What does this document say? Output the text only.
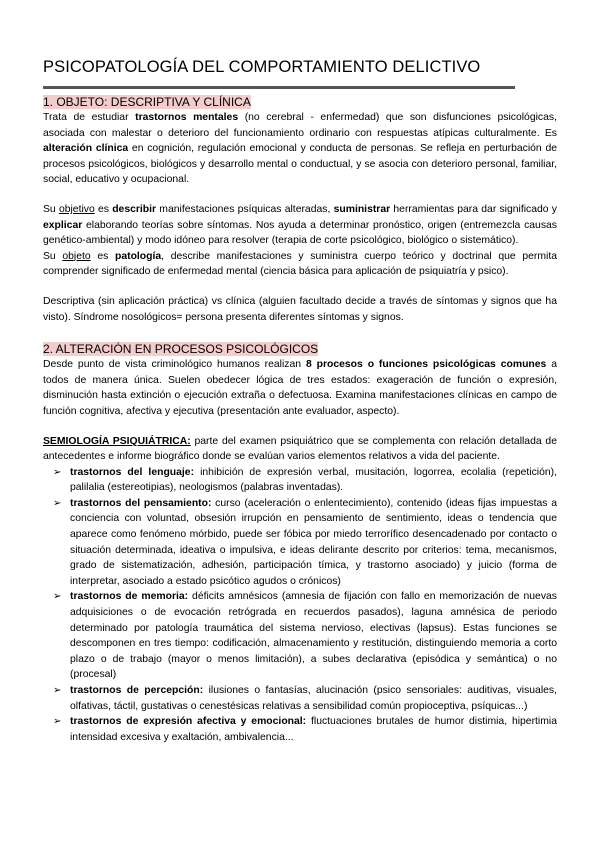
PSICOPATOLOGÍA DEL COMPORTAMIENTO DELICTIVO

1. OBJETO: DESCRIPTIVA Y CLÍNICA

Trata de estudiar trastornos mentales (no cerebral - enfermedad) que son disfunciones psicológicas, asociada con malestar o deterioro del funcionamiento ordinario con respuestas atípicas culturalmente. Es alteración clínica en cognición, regulación emocional y conducta de personas. Se refleja en perturbación de procesos psicológicos, biológicos y desarrollo mental o conductual, y se asocia con deterioro personal, familiar, social, educativo y ocupacional.

Su objetivo es describir manifestaciones psíquicas alteradas, suministrar herramientas para dar significado y explicar elaborando teorías sobre síntomas. Nos ayuda a determinar pronóstico, origen (entremezcla causas genético-ambiental) y modo idóneo para resolver (terapia de corte psicológico, biológico o sistemático).

Su objeto es patología, describe manifestaciones y suministra cuerpo teórico y doctrinal que permita comprender significado de enfermedad mental (ciencia básica para aplicación de psiquiatría y psico).

Descriptiva (sin aplicación práctica) vs clínica (alguien facultado decide a través de síntomas y signos que ha visto). Síndrome nosológicos= persona presenta diferentes síntomas y signos.

2. ALTERACIÓN EN PROCESOS PSICOLÓGICOS

Desde punto de vista criminológico humanos realizan 8 procesos o funciones psicológicas comunes a todos de manera única. Suelen obedecer lógica de tres estados: exageración de función o expresión, disminución hasta extinción o ejecución extraña o defectuosa. Examina manifestaciones clínicas en campo de función cognitiva, afectiva y ejecutiva (presentación ante evaluador, aspecto).

SEMIOLOGÍA PSIQUIÁTRICA: parte del examen psiquiátrico que se complementa con relación detallada de antecedentes e informe biográfico donde se evalúan varios elementos relativos a vida del paciente.

➢ trastornos del lenguaje: inhibición de expresión verbal, musitación, logorrea, ecolalia (repetición), palilalia (estereotipias), neologismos (palabras inventadas).
➢ trastornos del pensamiento: curso (aceleración o enlentecimiento), contenido (ideas fijas impuestas a conciencia con voluntad, obsesión irrupción en pensamiento de sentimiento, ideas o tendencia que aparece como fenómeno mórbido, puede ser fóbica por miedo terrorífico desencadenado por contacto o situación determinada, ideativa o impulsiva, e ideas delirante descrito por criterios: tema, mecanismos, grado de sistematización, adhesión, participación tímica, y trastorno asociado) y juicio (forma de interpretar, asociado a estado psicótico agudos o crónicos)
➢ trastornos de memoria: déficits amnésicos (amnesia de fijación con fallo en memorización de nuevas adquisiciones o de evocación retrógrada en recuerdos pasados), laguna amnésica de periodo determinado por patología traumática del sistema nervioso, electivas (lapsus). Estas funciones se descomponen en tres tiempo: codificación, almacenamiento y restitución, distinguiendo memoria a corto plazo o de trabajo (mayor o menos limitación), a subes declarativa (episódica y semántica) o no (procesal)
➢ trastornos de percepción: ilusiones o fantasías, alucinación (psico sensoriales: auditivas, visuales, olfativas, táctil, gustativas o cenestésicas relativas a sensibilidad común propioceptiva, psíquicas...)
➢ trastornos de expresión afectiva y emocional: fluctuaciones brutales de humor distimia, hipertimia intensidad excesiva y exaltación, ambivalencia...
